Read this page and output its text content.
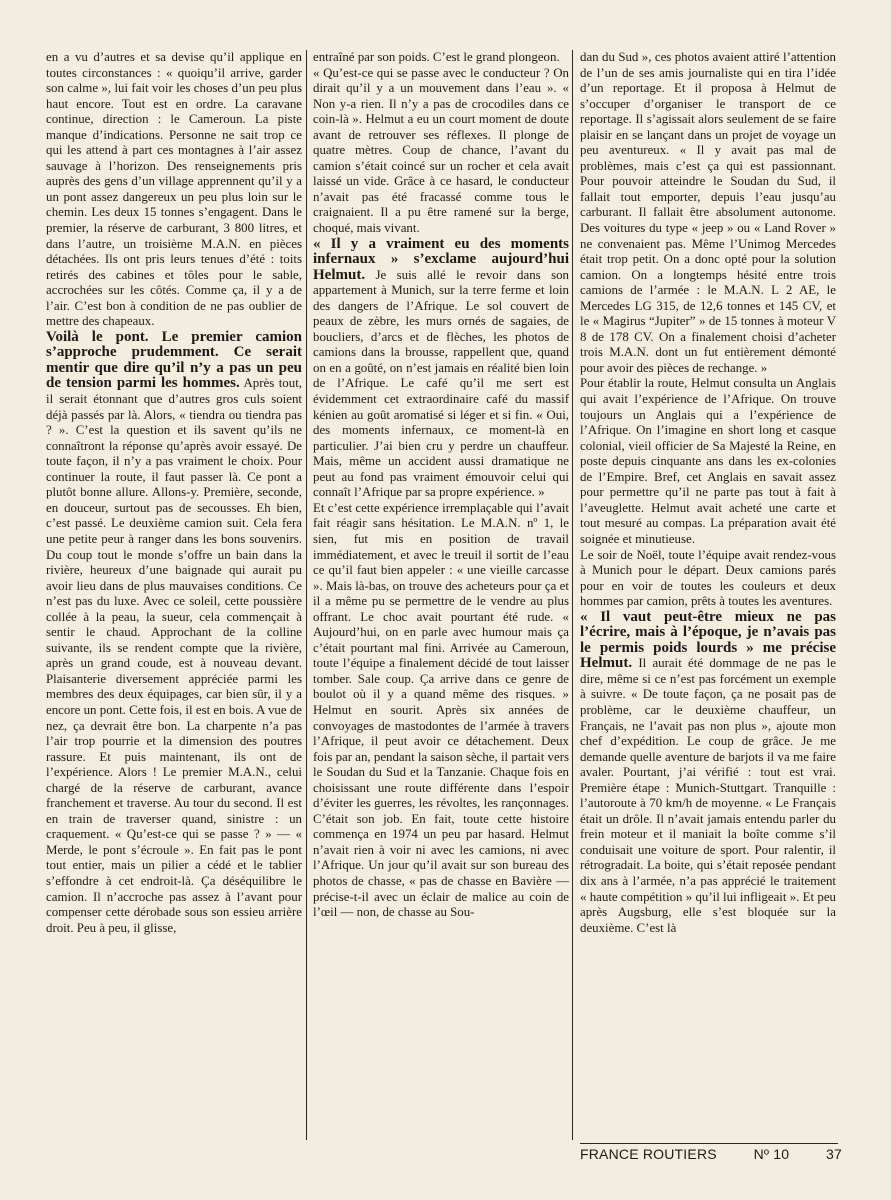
en a vu d’autres et sa devise qu’il applique en toutes circonstances : « quoiqu’il arrive, garder son calme », lui fait voir les choses d’un peu plus haut encore. Tout est en ordre. La caravane continue, direction : le Cameroun. La piste manque d’indications. Personne ne sait trop ce qui les attend à part ces montagnes à l’air assez sauvage à l’horizon. Des renseignements pris auprès des gens d’un village apprennent qu’il y a un pont assez dangereux un peu plus loin sur le chemin. Les deux 15 tonnes s’engagent. Dans le premier, la réserve de carburant, 3 800 litres, et dans l’autre, un troisième M.A.N. en pièces détachées. Ils ont pris leurs tenues d’été : toits retirés des cabines et tôles pour le sable, accrochées sur les côtés. Comme ça, il y a de l’air. C’est bon à condition de ne pas oublier de mettre des chapeaux.

Voilà le pont. Le premier camion s’approche prudemment. Ce serait mentir que dire qu’il n’y a pas un peu de tension parmi les hommes. Après tout, il serait étonnant que d’autres gros culs soient déjà passés par là. Alors, « tiendra ou tiendra pas ? ». C’est la question et ils savent qu’ils ne connaîtront la réponse qu’après avoir essayé. De toute façon, il n’y a pas vraiment le choix. Pour continuer la route, il faut passer là. Ce pont a plutôt bonne allure. Allons-y. Première, seconde, en douceur, surtout pas de secousses. Eh bien, c’est passé. Le deuxième camion suit. Cela fera une petite peur à ranger dans les bons souvenirs. Du coup tout le monde s’offre un bain dans la rivière, heureux d’une baignade qui aurait pu avoir lieu dans de plus mauvaises conditions. Ce n’est pas du luxe. Avec ce soleil, cette poussière collée à la peau, la sueur, cela commençait à sentir le chaud. Approchant de la colline suivante, ils se rendent compte que la rivière, après un grand coude, est à nouveau devant. Plaisanterie diversement appréciée parmi les membres des deux équipages, car bien sûr, il y a encore un pont. Cette fois, il est en bois. A vue de nez, ça devrait être bon. La charpente n’a pas l’air trop pourrie et la dimension des poutres rassure. Et puis maintenant, ils ont de l’expérience. Alors ! Le premier M.A.N., celui chargé de la réserve de carburant, avance franchement et traverse. Au tour du second. Il est en train de traverser quand, sinistre : un craquement. « Qu’est-ce qui se passe ? » — « Merde, le pont s’écroule ». En fait pas le pont tout entier, mais un pilier a cédé et le tablier s’effondre à cet endroit-là. Ça déséquilibre le camion. Il n’accroche pas assez à l’avant pour compenser cette dérobade sous son essieu arrière droit. Peu à peu, il glisse,

entraîné par son poids. C’est le grand plongeon.

« Qu’est-ce qui se passe avec le conducteur ? On dirait qu’il y a un mouvement dans l’eau ». « Non y-a rien. Il n’y a pas de crocodiles dans ce coin-là ». Helmut a eu un court moment de doute avant de retrouver ses réflexes. Il plonge de quatre mètres. Coup de chance, l’avant du camion s’était coincé sur un rocher et cela avait laissé un vide. Grâce à ce hasard, le conducteur n’avait pas été fracassé comme tous le craignaient. Il a pu être ramené sur la berge, choqué, mais vivant.

« Il y a vraiment eu des moments infernaux » s’exclame aujourd’hui Helmut. Je suis allé le revoir dans son appartement à Munich, sur la terre ferme et loin des dangers de l’Afrique. Le sol couvert de peaux de zèbre, les murs ornés de sagaies, de boucliers, d’arcs et de flèches, les photos de camions dans la brousse, rappellent que, quand on en a goûté, on n’est jamais en réalité bien loin de l’Afrique. Le café qu’il me sert est évidemment cet extraordinaire café du massif kénien au goût aromatisé si léger et si fin. « Oui, des moments infernaux, ce moment-là en particulier. J’ai bien cru y perdre un chauffeur. Mais, même un accident aussi dramatique ne peut au fond pas vraiment émouvoir celui qui connaît l’Afrique par sa propre expérience. »

Et c’est cette expérience irremplaçable qui l’avait fait réagir sans hésitation. Le M.A.N. nº 1, le sien, fut mis en position de travail immédiatement, et avec le treuil il sortit de l’eau ce qu’il faut bien appeler : « une vieille carcasse ». Mais là-bas, on trouve des acheteurs pour ça et il a même pu se permettre de le vendre au plus offrant. Le choc avait pourtant été rude. « Aujourd’hui, on en parle avec humour mais ça c’était pourtant mal fini. Arrivée au Cameroun, toute l’équipe a finalement décidé de tout laisser tomber. Sale coup. Ça arrive dans ce genre de boulot où il y a quand même des risques. » Helmut en sourit. Après six années de convoyages de mastodontes de l’armée à travers l’Afrique, il peut avoir ce détachement. Deux fois par an, pendant la saison sèche, il partait vers le Soudan du Sud et la Tanzanie. Chaque fois en choisissant une route différente dans l’espoir d’éviter les guerres, les révoltes, les rançonnages. C’était son job. En fait, toute cette histoire commença en 1974 un peu par hasard. Helmut n’avait rien à voir ni avec les camions, ni avec l’Afrique. Un jour qu’il avait sur son bureau des photos de chasse, « pas de chasse en Bavière — précise-t-il avec un éclair de malice au coin de l’œil — non, de chasse au Sou-

dan du Sud », ces photos avaient attiré l’attention de l’un de ses amis journaliste qui en tira l’idée d’un reportage. Et il proposa à Helmut de s’occuper d’organiser le transport de ce reportage. Il s’agissait alors seulement de se faire plaisir en se lançant dans un projet de voyage un peu aventureux. « Il y avait pas mal de problèmes, mais c’est ça qui est passionnant. Pour pouvoir atteindre le Soudan du Sud, il fallait tout emporter, depuis l’eau jusqu’au carburant. Il fallait être absolument autonome. Des voitures du type « jeep » ou « Land Rover » ne convenaient pas. Même l’Unimog Mercedes était trop petit. On a donc opté pour la solution camion. On a longtemps hésité entre trois camions de l’armée : le M.A.N. L 2 AE, le Mercedes LG 315, de 12,6 tonnes et 145 CV, et le « Magirus “Jupiter” » de 15 tonnes à moteur V 8 de 178 CV. On a finalement choisi d’acheter trois M.A.N. dont un fut entièrement démonté pour avoir des pièces de rechange. »

Pour établir la route, Helmut consulta un Anglais qui avait l’expérience de l’Afrique. On trouve toujours un Anglais qui a l’expérience de l’Afrique. On l’imagine en short long et casque colonial, vieil officier de Sa Majesté la Reine, en poste depuis cinquante ans dans les ex-colonies de l’Empire. Bref, cet Anglais en savait assez pour permettre qu’il ne parte pas tout à fait à l’aveuglette. Helmut avait acheté une carte et tout mesuré au compas. La préparation avait été soignée et minutieuse.

Le soir de Noël, toute l’équipe avait rendez-vous à Munich pour le départ. Deux camions parés pour en voir de toutes les couleurs et deux hommes par camion, prêts à toutes les aventures.

« Il vaut peut-être mieux ne pas l’écrire, mais à l’époque, je n’avais pas le permis poids lourds » me précise Helmut. Il aurait été dommage de ne pas le dire, même si ce n’est pas forcément un exemple à suivre. « De toute façon, ça ne posait pas de problème, car le deuxième chauffeur, un Français, ne l’avait pas non plus », ajoute mon chef d’expédition. Le coup de grâce. Je me demande quelle aventure de barjots il va me faire avaler. Pourtant, j’ai vérifié : tout est vrai. Première étape : Munich-Stuttgart. Tranquille : l’autoroute à 70 km/h de moyenne. « Le Français était un drôle. Il n’avait jamais entendu parler du frein moteur et il maniait la boîte comme s’il conduisait une voiture de sport. Pour ralentir, il rétrogradait. La boite, qui s’était reposée pendant dix ans à l’armée, n’a pas apprécié le traitement « haute compétition » qu’il lui infligeait ». Et peu après Augsburg, elle s’est bloquée sur la deuxième. C’est là

FRANCE ROUTIERS	Nº 10	37
